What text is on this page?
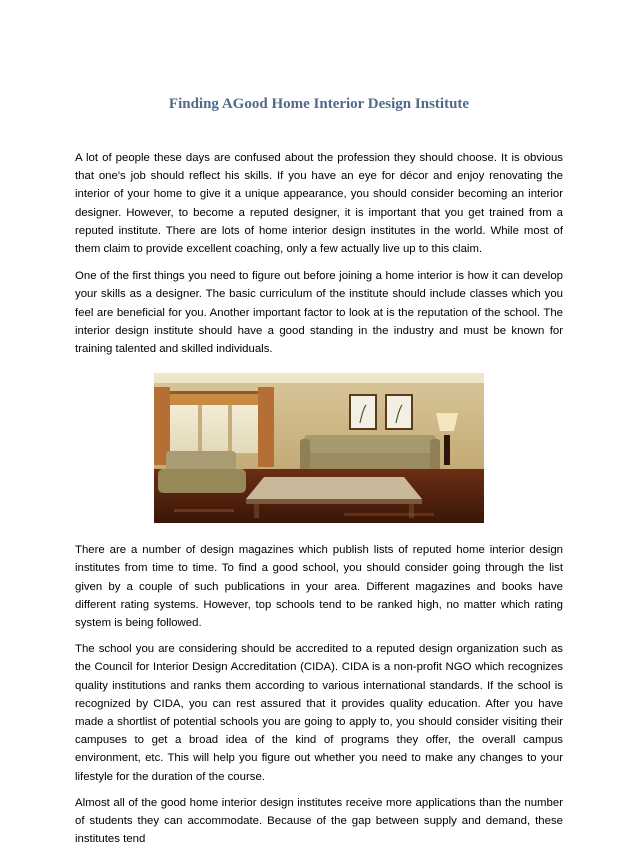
Finding AGood Home Interior Design Institute

A lot of people these days are confused about the profession they should choose. It is obvious that one's job should reflect his skills. If you have an eye for décor and enjoy renovating the interior of your home to give it a unique appearance, you should consider becoming an interior designer. However, to become a reputed designer, it is important that you get trained from a reputed institute. There are lots of home interior design institutes in the world. While most of them claim to provide excellent coaching, only a few actually live up to this claim.

One of the first things you need to figure out before joining a home interior is how it can develop your skills as a designer. The basic curriculum of the institute should include classes which you feel are beneficial for you. Another important factor to look at is the reputation of the school. The interior design institute should have a good standing in the industry and must be known for training talented and skilled individuals.

There are a number of design magazines which publish lists of reputed home interior design institutes from time to time. To find a good school, you should consider going through the list given by a couple of such publications in your area. Different magazines and books have different rating systems. However, top schools tend to be ranked high, no matter which rating system is being followed.

The school you are considering should be accredited to a reputed design organization such as the Council for Interior Design Accreditation (CIDA). CIDA is a non-profit NGO which recognizes quality institutions and ranks them according to various international standards. If the school is recognized by CIDA, you can rest assured that it provides quality education. After you have made a shortlist of potential schools you are going to apply to, you should consider visiting their campuses to get a broad idea of the kind of programs they offer, the overall campus environment, etc. This will help you figure out whether you need to make any changes to your lifestyle for the duration of the course.

Almost all of the good home interior design institutes receive more applications than the number of students they can accommodate. Because of the gap between supply and demand, these institutes tend
